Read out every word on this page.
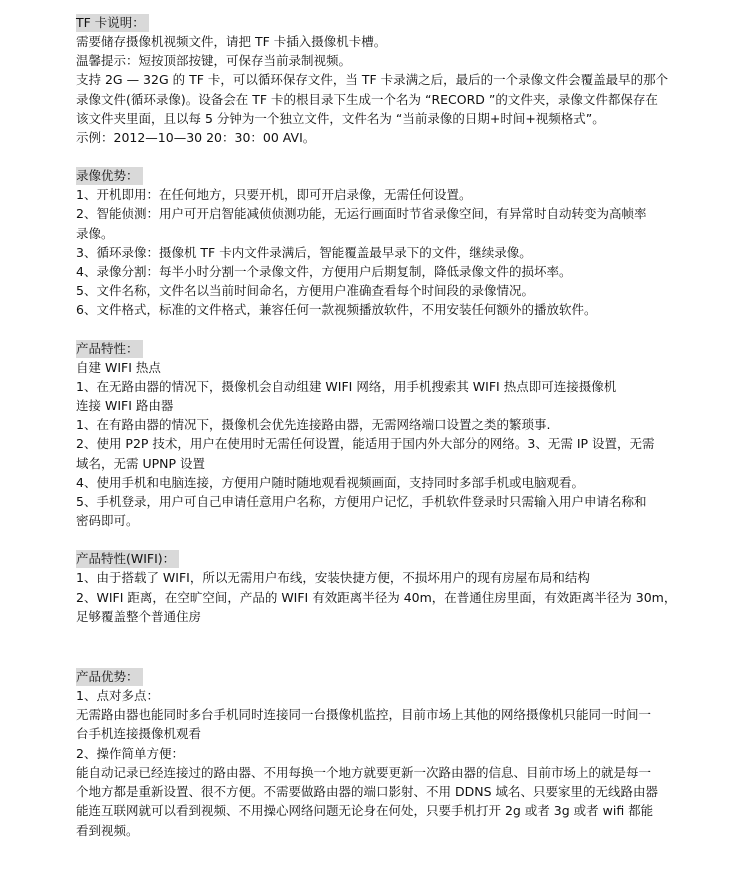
TF 卡说明：

需要储存摄像机视频文件，请把 TF 卡插入摄像机卡槽。

温馨提示：短按顶部按键，可保存当前录制视频。

支持 2G — 32G 的 TF 卡，可以循环保存文件，当 TF 卡录满之后，最后的一个录像文件会覆盖最早的那个

录像文件(循环录像)。设备会在 TF 卡的根目录下生成一个名为 “RECORD ”的文件夹，录像文件都保存在

该文件夹里面，且以每 5 分钟为一个独立文件，文件名为 “当前录像的日期+时间+视频格式”。

示例：2012—10—30 20：30：00 AVI。

录像优势：

1、开机即用：在任何地方，只要开机，即可开启录像，无需任何设置。

2、智能侦测：用户可开启智能减侦侦测功能，无运行画面时节省录像空间，有异常时自动转变为高帧率

录像。

3、循环录像：摄像机 TF 卡内文件录满后，智能覆盖最早录下的文件，继续录像。

4、录像分割：每半小时分割一个录像文件，方便用户后期复制，降低录像文件的损坏率。

5、文件名称，文件名以当前时间命名，方便用户准确查看每个时间段的录像情况。

6、文件格式，标准的文件格式，兼容任何一款视频播放软件，不用安装任何额外的播放软件。

产品特性：

自建 WIFI 热点

1、在无路由器的情况下，摄像机会自动组建 WIFI 网络，用手机搜索其 WIFI 热点即可连接摄像机

连接 WIFI 路由器

1、在有路由器的情况下，摄像机会优先连接路由器，无需网络端口设置之类的繁琐事.

2、使用 P2P 技术，用户在使用时无需任何设置，能适用于国内外大部分的网络。3、无需 IP 设置，无需

域名，无需 UPNP 设置

4、使用手机和电脑连接，方便用户随时随地观看视频画面，支持同时多部手机或电脑观看。

5、手机登录，用户可自己申请任意用户名称，方便用户记忆，手机软件登录时只需输入用户申请名称和

密码即可。

产品特性(WIFI)：

1、由于搭载了 WIFI，所以无需用户布线，安装快捷方便，不损坏用户的现有房屋布局和结构

2、WIFI 距离，在空旷空间，产品的 WIFI 有效距离半径为 40m，在普通住房里面，有效距离半径为 30m，

足够覆盖整个普通住房

产品优势：

1、点对多点：

无需路由器也能同时多台手机同时连接同一台摄像机监控，目前市场上其他的网络摄像机只能同一时间一

台手机连接摄像机观看

2、操作简单方便：

能自动记录已经连接过的路由器、不用每换一个地方就要更新一次路由器的信息、目前市场上的就是每一

个地方都是重新设置、很不方便。不需要做路由器的端口影射、不用 DDNS 域名、只要家里的无线路由器

能连互联网就可以看到视频、不用操心网络问题无论身在何处，只要手机打开 2g 或者 3g 或者 wifi 都能

看到视频。
